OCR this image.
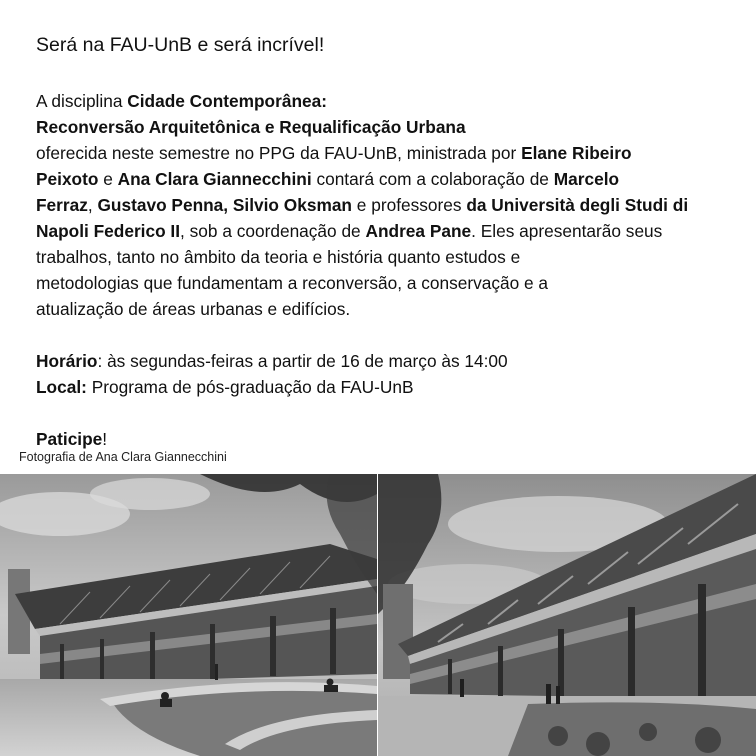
Será na FAU-UnB e será incrível!
A disciplina Cidade Contemporânea:
Reconversão Arquitetônica e Requalificação Urbana
oferecida neste semestre no PPG da FAU-UnB, ministrada por Elane Ribeiro
Peixoto e Ana Clara Giannecchini contará com a colaboração de Marcelo
Ferraz, Gustavo Penna, Silvio Oksman e professores da Università degli Studi di
Napoli Federico II, sob a coordenação de Andrea Pane. Eles apresentarão seus
trabalhos, tanto no âmbito da teoria e história quanto estudos e
metodologias que fundamentam a reconversão, a conservação e a
atualização de áreas urbanas e edifícios.
Horário: às segundas-feiras a partir de 16 de março às 14:00
Local: Programa de pós-graduação da FAU-UnB
Paticipe!
Fotografia de Ana Clara Giannecchini
